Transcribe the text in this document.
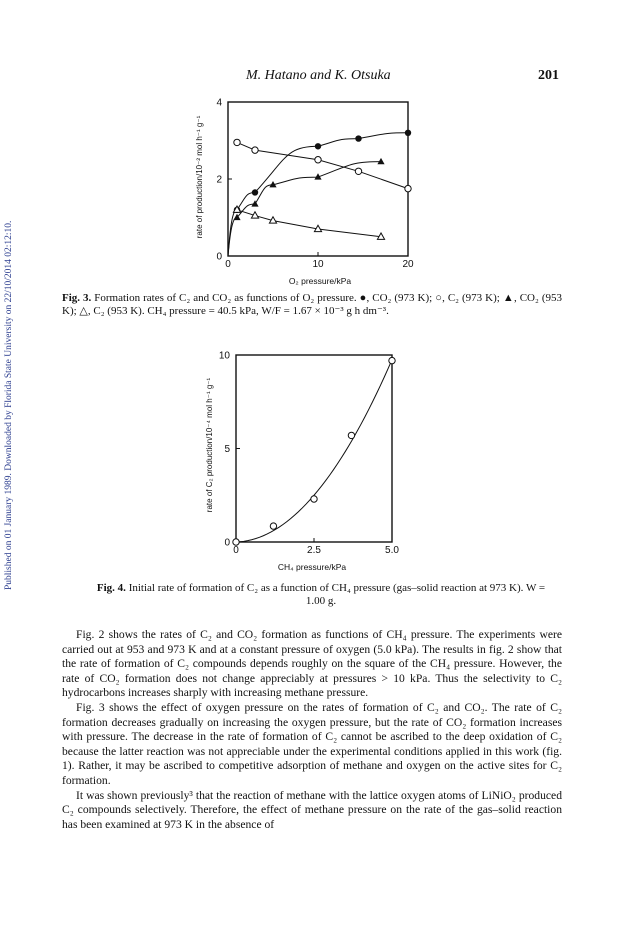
Published on 01 January 1989. Downloaded by Florida State University on 22/10/2014 02:12:10.
M. Hatano and K. Otsuka	201
0	10	20
0
2
4
rate of production/10⁻² mol h⁻¹ g⁻¹
O₂ pressure/kPa
Fig. 3. Formation rates of C₂ and CO₂ as functions of O₂ pressure. ●, CO₂ (973 K); ○, C₂ (973 K); ▲, CO₂ (953 K); △, C₂ (953 K). CH₄ pressure = 40.5 kPa, W/F = 1.67 × 10⁻³ g h dm⁻³.
0	2.5	5.0
0
5
10
rate of C₂ production/10⁻⁴ mol h⁻¹ g⁻¹
CH₄ pressure/kPa
Fig. 4. Initial rate of formation of C₂ as a function of CH₄ pressure (gas–solid reaction at 973 K). W = 1.00 g.

Fig. 2 shows the rates of C₂ and CO₂ formation as functions of CH₄ pressure. The experiments were carried out at 953 and 973 K and at a constant pressure of oxygen (5.0 kPa). The results in fig. 2 show that the rate of formation of C₂ compounds depends roughly on the square of the CH₄ pressure. However, the rate of CO₂ formation does not change appreciably at pressures > 10 kPa. Thus the selectivity to C₂ hydrocarbons increases sharply with increasing methane pressure.

Fig. 3 shows the effect of oxygen pressure on the rates of formation of C₂ and CO₂. The rate of C₂ formation decreases gradually on increasing the oxygen pressure, but the rate of CO₂ formation increases with pressure. The decrease in the rate of formation of C₂ cannot be ascribed to the deep oxidation of C₂ because the latter reaction was not appreciable under the experimental conditions applied in this work (fig. 1). Rather, it may be ascribed to competitive adsorption of methane and oxygen on the active sites for C₂ formation.

It was shown previously³ that the reaction of methane with the lattice oxygen atoms of LiNiO₂ produced C₂ compounds selectively. Therefore, the effect of methane pressure on the rate of the gas–solid reaction has been examined at 973 K in the absence of
